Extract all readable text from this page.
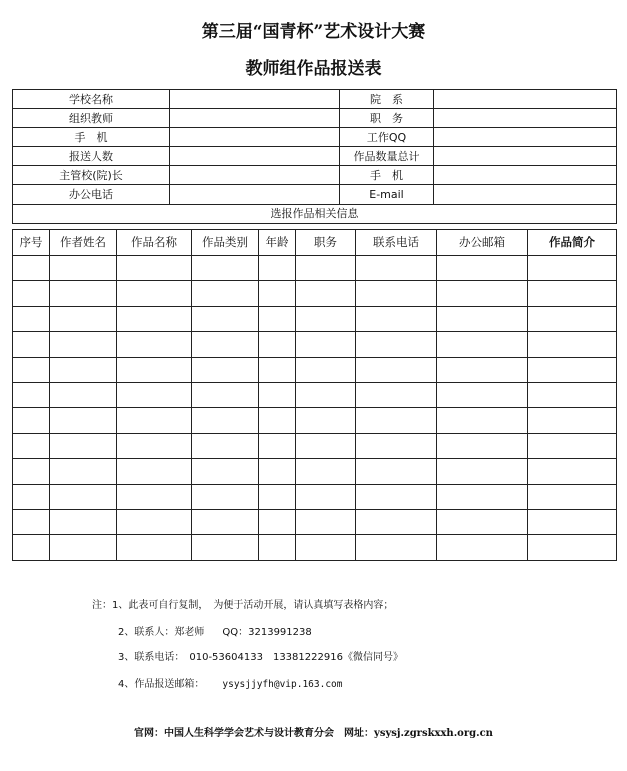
第三届“国青杯”艺术设计大赛
教师组作品报送表
学校名称		院　系	
组织教师		职　务	
手　机		工作QQ	
报送人数		作品数量总计	
主管校(院)长		手　机	
办公电话		E-mail	
选报作品相关信息			
序号	作者姓名	作品名称	作品类别	年龄	职务	联系电话	办公邮箱	作品简介

注：1、此表可自行复制，　为便于活动开展，请认真填写表格内容；
2、联系人：郑老师 QQ：3213991238
3、联系电话：　010-53604133　13381222916《微信同号》
4、作品报送邮箱： ysysjjyfh@vip.163.com
官网：中国人生科学学会艺术与设计教育分会 网址：ysysj.zgrskxxh.org.cn
